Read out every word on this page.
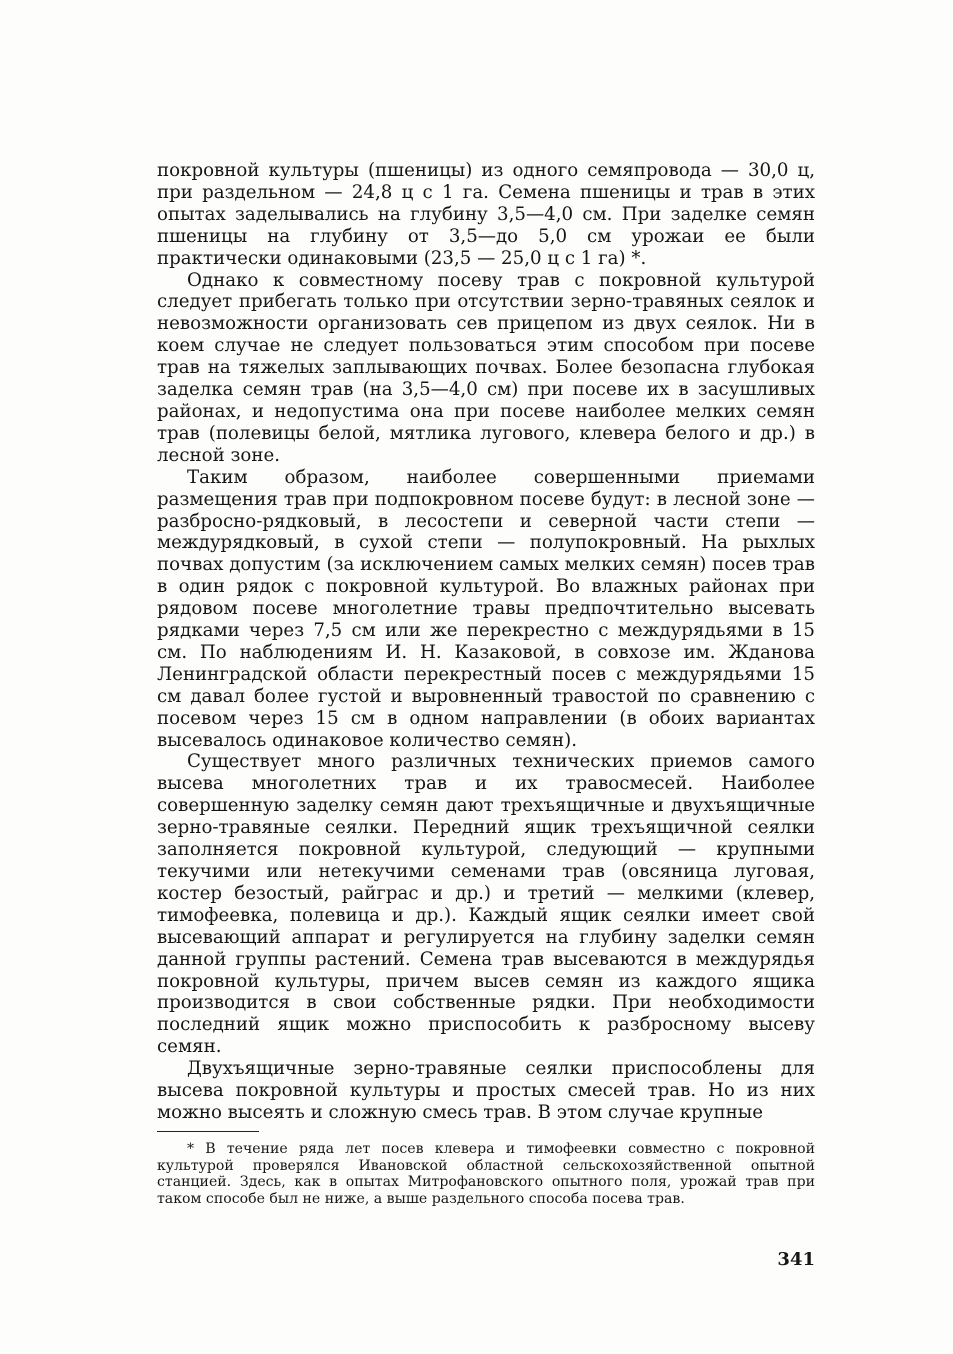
покровной культуры (пшеницы) из одного семяпровода — 30,0 ц, при раздельном — 24,8 ц с 1 га. Семена пшеницы и трав в этих опытах заделывались на глубину 3,5—4,0 см. При заделке семян пшеницы на глубину от 3,5—до 5,0 см урожаи ее были практически одинаковыми (23,5 — 25,0 ц с 1 га) *.

Однако к совместному посеву трав с покровной культурой следует прибегать только при отсутствии зерно-травяных сеялок и невозможности организовать сев прицепом из двух сеялок. Ни в коем случае не следует пользоваться этим способом при посеве трав на тяжелых заплывающих почвах. Более безопасна глубокая заделка семян трав (на 3,5—4,0 см) при посеве их в засушливых районах, и недопустима она при посеве наиболее мелких семян трав (полевицы белой, мятлика лугового, клевера белого и др.) в лесной зоне.

Таким образом, наиболее совершенными приемами размещения трав при подпокровном посеве будут: в лесной зоне — разбросно-рядковый, в лесостепи и северной части степи — междурядковый, в сухой степи — полупокровный. На рыхлых почвах допустим (за исключением самых мелких семян) посев трав в один рядок с покровной культурой. Во влажных районах при рядовом посеве многолетние травы предпочтительно высевать рядками через 7,5 см или же перекрестно с междурядьями в 15 см. По наблюдениям И. Н. Казаковой, в совхозе им. Жданова Ленинградской области перекрестный посев с междурядьями 15 см давал более густой и выровненный травостой по сравнению с посевом через 15 см в одном направлении (в обоих вариантах высевалось одинаковое количество семян).

Существует много различных технических приемов самого высева многолетних трав и их травосмесей. Наиболее совершенную заделку семян дают трехъящичные и двухъящичные зерно-травяные сеялки. Передний ящик трехъящичной сеялки заполняется покровной культурой, следующий — крупными текучими или нетекучими семенами трав (овсяница луговая, костер безостый, райграс и др.) и третий — мелкими (клевер, тимофеевка, полевица и др.). Каждый ящик сеялки имеет свой высевающий аппарат и регулируется на глубину заделки семян данной группы растений. Семена трав высеваются в междурядья покровной культуры, причем высев семян из каждого ящика производится в свои собственные рядки. При необходимости последний ящик можно приспособить к разбросному высеву семян.

Двухъящичные зерно-травяные сеялки приспособлены для высева покровной культуры и простых смесей трав. Но из них можно высеять и сложную смесь трав. В этом случае крупные

* В течение ряда лет посев клевера и тимофеевки совместно с покровной культурой проверялся Ивановской областной сельскохозяйственной опытной станцией. Здесь, как в опытах Митрофановского опытного поля, урожай трав при таком способе был не ниже, а выше раздельного способа посева трав.

341
